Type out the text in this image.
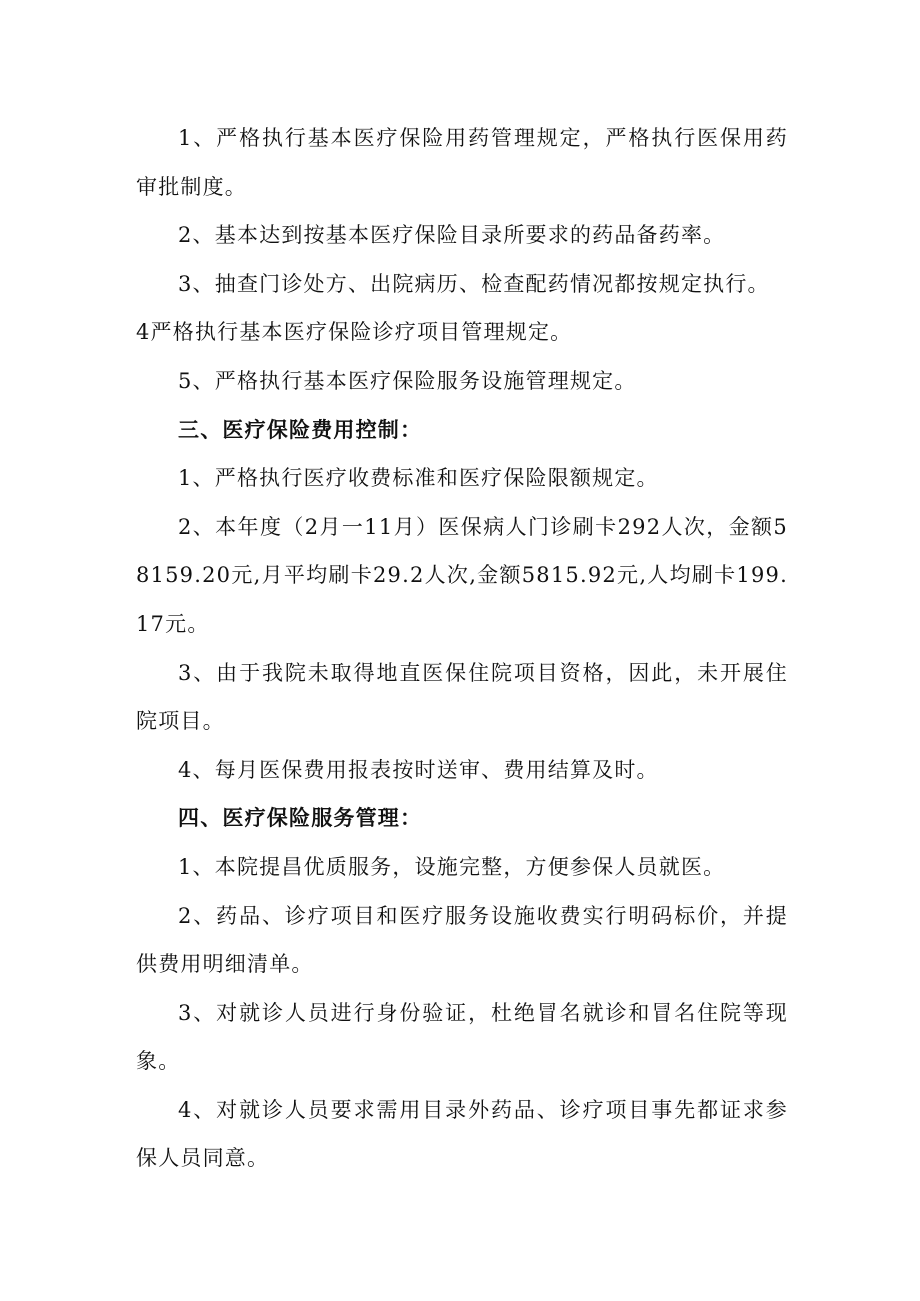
1、严格执行基本医疗保险用药管理规定，严格执行医保用药审批制度。

2、基本达到按基本医疗保险目录所要求的药品备药率。

3、抽查门诊处方、出院病历、检查配药情况都按规定执行。

4严格执行基本医疗保险诊疗项目管理规定。

5、严格执行基本医疗保险服务设施管理规定。

三、医疗保险费用控制：

1、严格执行医疗收费标准和医疗保险限额规定。

2、本年度（2月一11月）医保病人门诊刷卡292人次，金额58159.20元,月平均刷卡29.2人次,金额5815.92元,人均刷卡199.17元。

3、由于我院未取得地直医保住院项目资格，因此，未开展住院项目。

4、每月医保费用报表按时送审、费用结算及时。

四、医疗保险服务管理：

1、本院提昌优质服务，设施完整，方便参保人员就医。

2、药品、诊疗项目和医疗服务设施收费实行明码标价，并提供费用明细清单。

3、对就诊人员进行身份验证，杜绝冒名就诊和冒名住院等现象。

4、对就诊人员要求需用目录外药品、诊疗项目事先都证求参保人员同意。
